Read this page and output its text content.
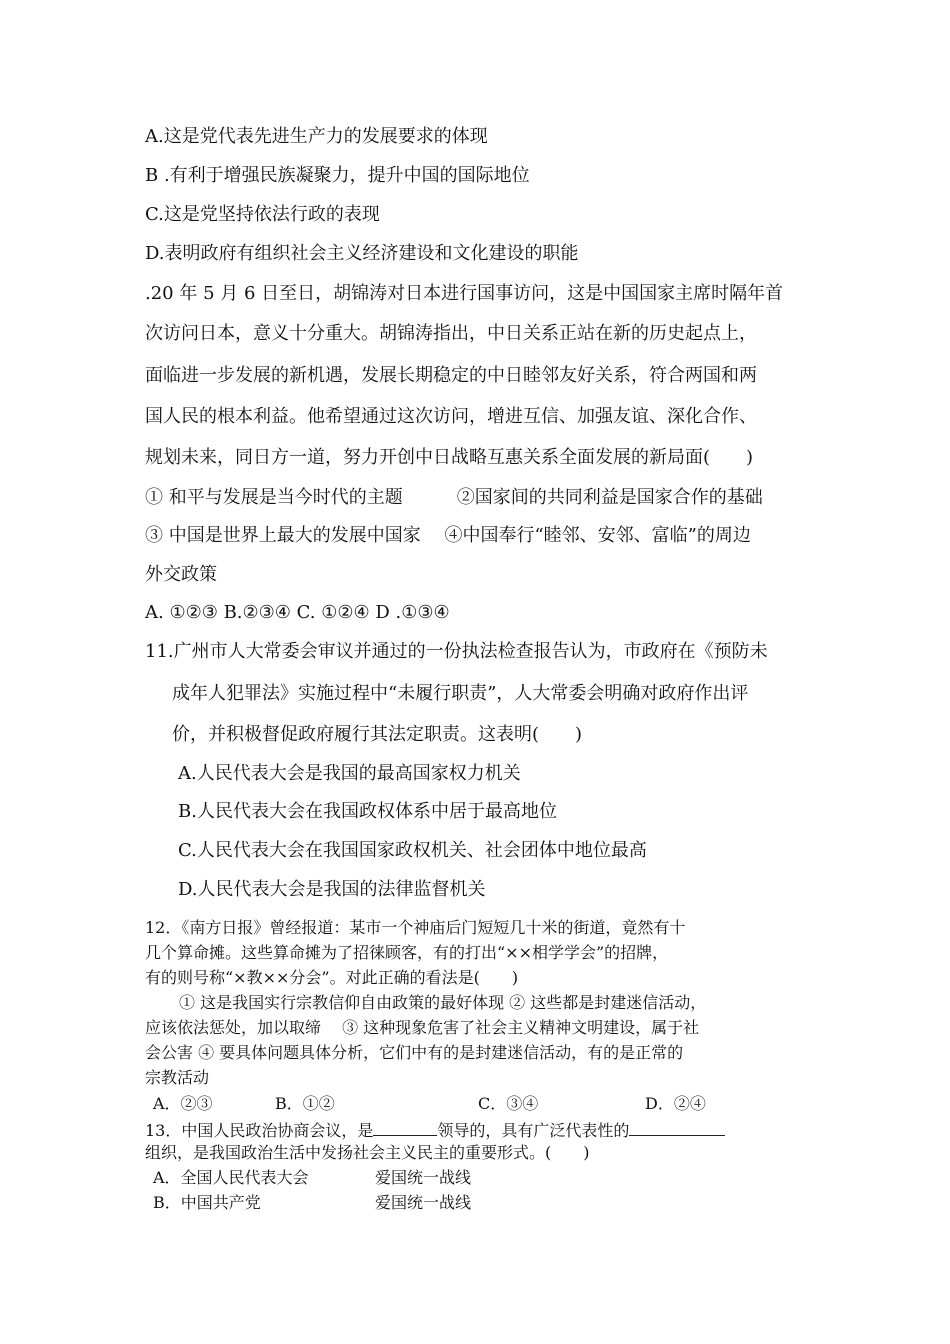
A.这是党代表先进生产力的发展要求的体现
B .有利于增强民族凝聚力，提升中国的国际地位
C.这是党坚持依法行政的表现
D.表明政府有组织社会主义经济建设和文化建设的职能
.20 年 5 月 6 日至日，胡锦涛对日本进行国事访问，这是中国国家主席时隔年首
次访问日本，意义十分重大。胡锦涛指出，中日关系正站在新的历史起点上，
面临进一步发展的新机遇，发展长期稳定的中日睦邻友好关系，符合两国和两
国人民的根本利益。他希望通过这次访问，增进互信、加强友谊、深化合作、
规划未来，同日方一道，努力开创中日战略互惠关系全面发展的新局面(　　)
① 和平与发展是当今时代的主题　　　②国家间的共同利益是国家合作的基础
③ 中国是世界上最大的发展中国家　 ④中国奉行“睦邻、安邻、富临”的周边
外交政策
A. ①②③ B.②③④ C. ①②④ D .①③④
11.广州市人大常委会审议并通过的一份执法检查报告认为，市政府在《预防未
成年人犯罪法》实施过程中“未履行职责”，人大常委会明确对政府作出评
价，并积极督促政府履行其法定职责。这表明(　　)
A.人民代表大会是我国的最高国家权力机关
B.人民代表大会在我国政权体系中居于最高地位
C.人民代表大会在我国国家政权机关、社会团体中地位最高
D.人民代表大会是我国的法律监督机关
12．《南方日报》曾经报道：某市一个神庙后门短短几十米的街道，竟然有十
几个算命摊。这些算命摊为了招徕顾客，有的打出“××相学学会”的招牌，
有的则号称“×教××分会”。对此正确的看法是(　　)
① 这是我国实行宗教信仰自由政策的最好体现 ② 这些都是封建迷信活动，
应该依法惩处，加以取缔　 ③ 这种现象危害了社会主义精神文明建设，属于社
会公害 ④ 要具体问题具体分析，它们中有的是封建迷信活动，有的是正常的
宗教活动
A．②③	B．①②	C．③④	D．②④
13．中国人民政治协商会议，是	领导的，具有广泛代表性的
组织，是我国政治生活中发扬社会主义民主的重要形式。(　　)
A．全国人民代表大会	爱国统一战线
B．中国共产党	爱国统一战线
